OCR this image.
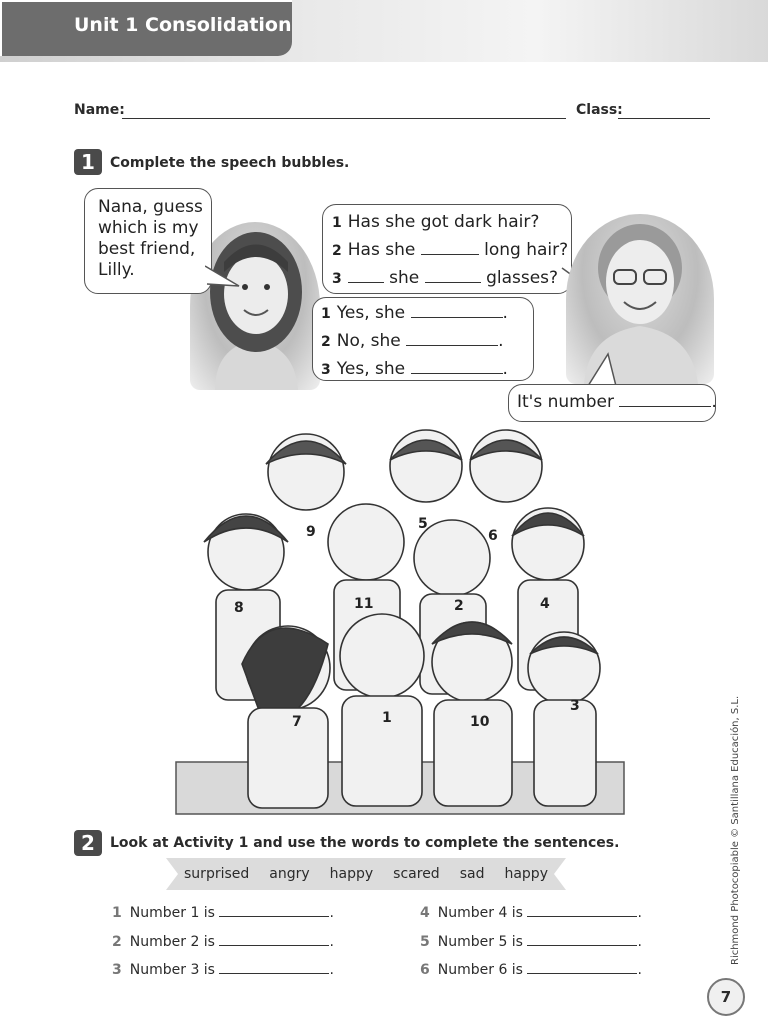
Unit 1 Consolidation
Name:	Class:
1	Complete the speech bubbles.
Nana, guess
which is my
best friend,
Lilly.
1 Has she got dark hair?
2 Has she	long hair?
3	she	glasses?
1 Yes, she	.
2 No, she	.
3 Yes, she	.
It's number	.
9	5
6
8	11	2	4
7	1	10
3
2	Look at Activity 1 and use the words to complete the sentences.
surprised angry happy scared sad happy
1 Number 1 is	.
2 Number 2 is	.
3 Number 3 is	.
4 Number 4 is	.
5 Number 5 is	.
6 Number 6 is	.
Richmond Photocopiable © Santillana Educación, S.L.
7
